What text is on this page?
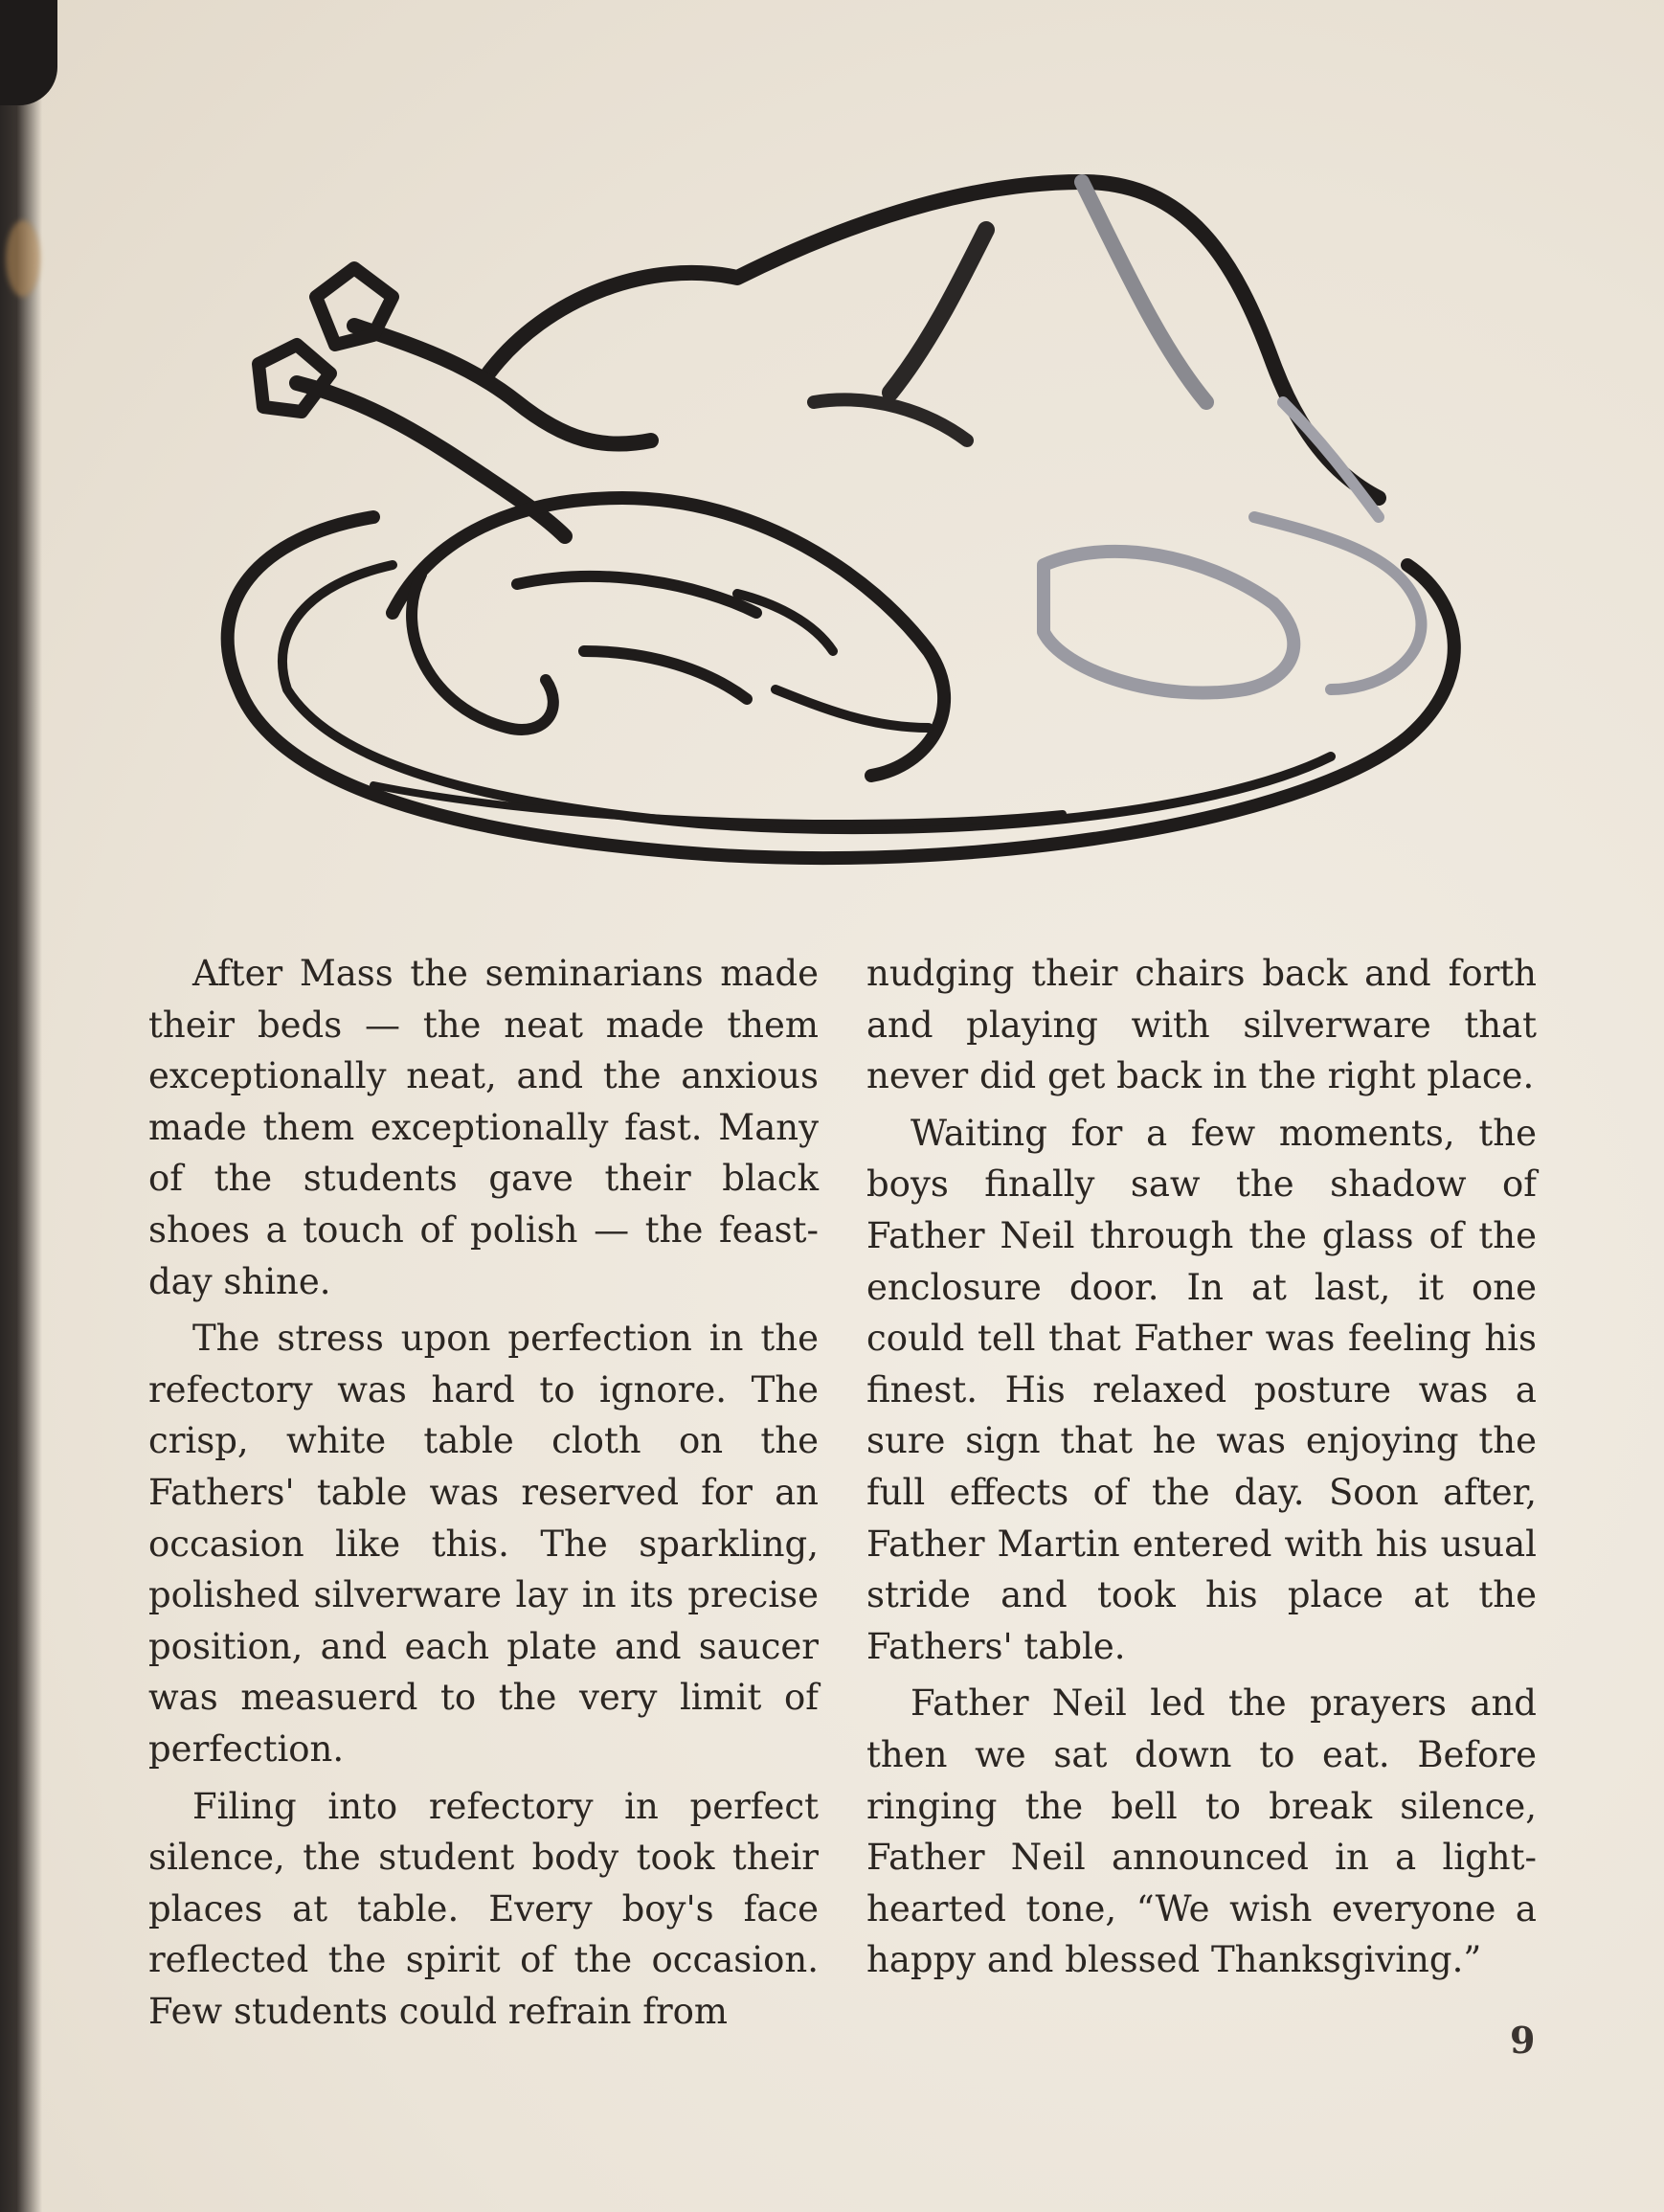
After Mass the seminarians made their beds — the neat made them exceptionally neat, and the anxious made them exceptionally fast. Many of the students gave their black shoes a touch of polish — the feast-day shine.

The stress upon perfection in the refectory was hard to ignore. The crisp, white table cloth on the Fathers' table was reserved for an occasion like this. The sparkling, polished silverware lay in its precise position, and each plate and saucer was measuerd to the very limit of perfection.

Filing into refectory in perfect silence, the student body took their places at table. Every boy's face reflected the spirit of the occasion. Few students could refrain from

nudging their chairs back and forth and playing with silverware that never did get back in the right place.

Waiting for a few moments, the boys finally saw the shadow of Father Neil through the glass of the enclosure door. In at last, it one could tell that Father was feeling his finest. His relaxed posture was a sure sign that he was enjoying the full effects of the day. Soon after, Father Martin entered with his usual stride and took his place at the Fathers' table.

Father Neil led the prayers and then we sat down to eat. Before ringing the bell to break silence, Father Neil announced in a light-hearted tone, “We wish everyone a happy and blessed Thanksgiving.”

9
